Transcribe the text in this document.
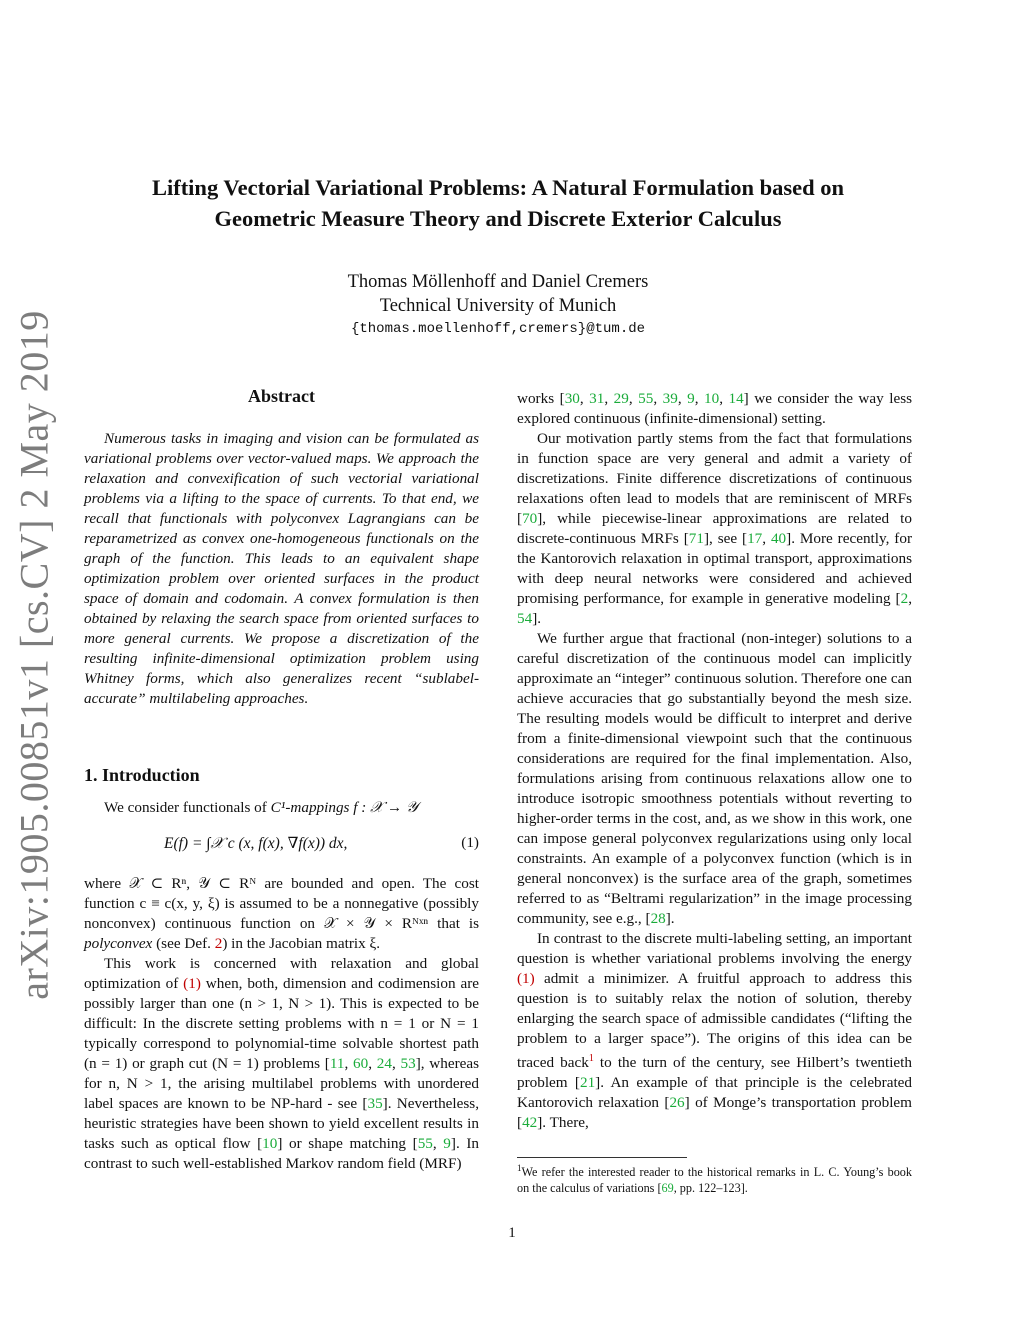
arXiv:1905.00851v1 [cs.CV] 2 May 2019
Lifting Vectorial Variational Problems: A Natural Formulation based on
Geometric Measure Theory and Discrete Exterior Calculus
Thomas Möllenhoff and Daniel Cremers
Technical University of Munich
{thomas.moellenhoff,cremers}@tum.de
Abstract
Numerous tasks in imaging and vision can be formulated as variational problems over vector-valued maps. We approach the relaxation and convexification of such vectorial variational problems via a lifting to the space of currents. To that end, we recall that functionals with polyconvex Lagrangians can be reparametrized as convex one-homogeneous functionals on the graph of the function. This leads to an equivalent shape optimization problem over oriented surfaces in the product space of domain and codomain. A convex formulation is then obtained by relaxing the search space from oriented surfaces to more general currents. We propose a discretization of the resulting infinite-dimensional optimization problem using Whitney forms, which also generalizes recent “sublabel-accurate” multilabeling approaches.
1. Introduction

We consider functionals of C¹-mappings f : 𝒳 → 𝒴

E(f) = ∫𝒳 c (x, f(x), ∇f(x)) dx,	(1)

where 𝒳 ⊂ Rⁿ, 𝒴 ⊂ Rᴺ are bounded and open. The cost function c ≡ c(x, y, ξ) is assumed to be a nonnegative (possibly nonconvex) continuous function on 𝒳 × 𝒴 × Rᴺˣⁿ that is polyconvex (see Def. 2) in the Jacobian matrix ξ.

This work is concerned with relaxation and global optimization of (1) when, both, dimension and codimension are possibly larger than one (n > 1, N > 1). This is expected to be difficult: In the discrete setting problems with n = 1 or N = 1 typically correspond to polynomial-time solvable shortest path (n = 1) or graph cut (N = 1) problems [11, 60, 24, 53], whereas for n, N > 1, the arising multilabel problems with unordered label spaces are known to be NP-hard - see [35]. Nevertheless, heuristic strategies have been shown to yield excellent results in tasks such as optical flow [10] or shape matching [55, 9]. In contrast to such well-established Markov random field (MRF)

works [30, 31, 29, 55, 39, 9, 10, 14] we consider the way less explored continuous (infinite-dimensional) setting.

Our motivation partly stems from the fact that formulations in function space are very general and admit a variety of discretizations. Finite difference discretizations of continuous relaxations often lead to models that are reminiscent of MRFs [70], while piecewise-linear approximations are related to discrete-continuous MRFs [71], see [17, 40]. More recently, for the Kantorovich relaxation in optimal transport, approximations with deep neural networks were considered and achieved promising performance, for example in generative modeling [2, 54].

We further argue that fractional (non-integer) solutions to a careful discretization of the continuous model can implicitly approximate an “integer” continuous solution. Therefore one can achieve accuracies that go substantially beyond the mesh size. The resulting models would be difficult to interpret and derive from a finite-dimensional viewpoint such that the continuous considerations are required for the final implementation. Also, formulations arising from continuous relaxations allow one to introduce isotropic smoothness potentials without reverting to higher-order terms in the cost, and, as we show in this work, one can impose general polyconvex regularizations using only local constraints. An example of a polyconvex function (which is in general nonconvex) is the surface area of the graph, sometimes referred to as “Beltrami regularization” in the image processing community, see e.g., [28].

In contrast to the discrete multi-labeling setting, an important question is whether variational problems involving the energy (1) admit a minimizer. A fruitful approach to address this question is to suitably relax the notion of solution, thereby enlarging the search space of admissible candidates (“lifting the problem to a larger space”). The origins of this idea can be traced back$^1$ to the turn of the century, see Hilbert’s twentieth problem [21]. An example of that principle is the celebrated Kantorovich relaxation [26] of Monge’s transportation problem [42]. There,

$^1$We refer the interested reader to the historical remarks in L. C. Young’s book on the calculus of variations [69, pp. 122–123].
1
